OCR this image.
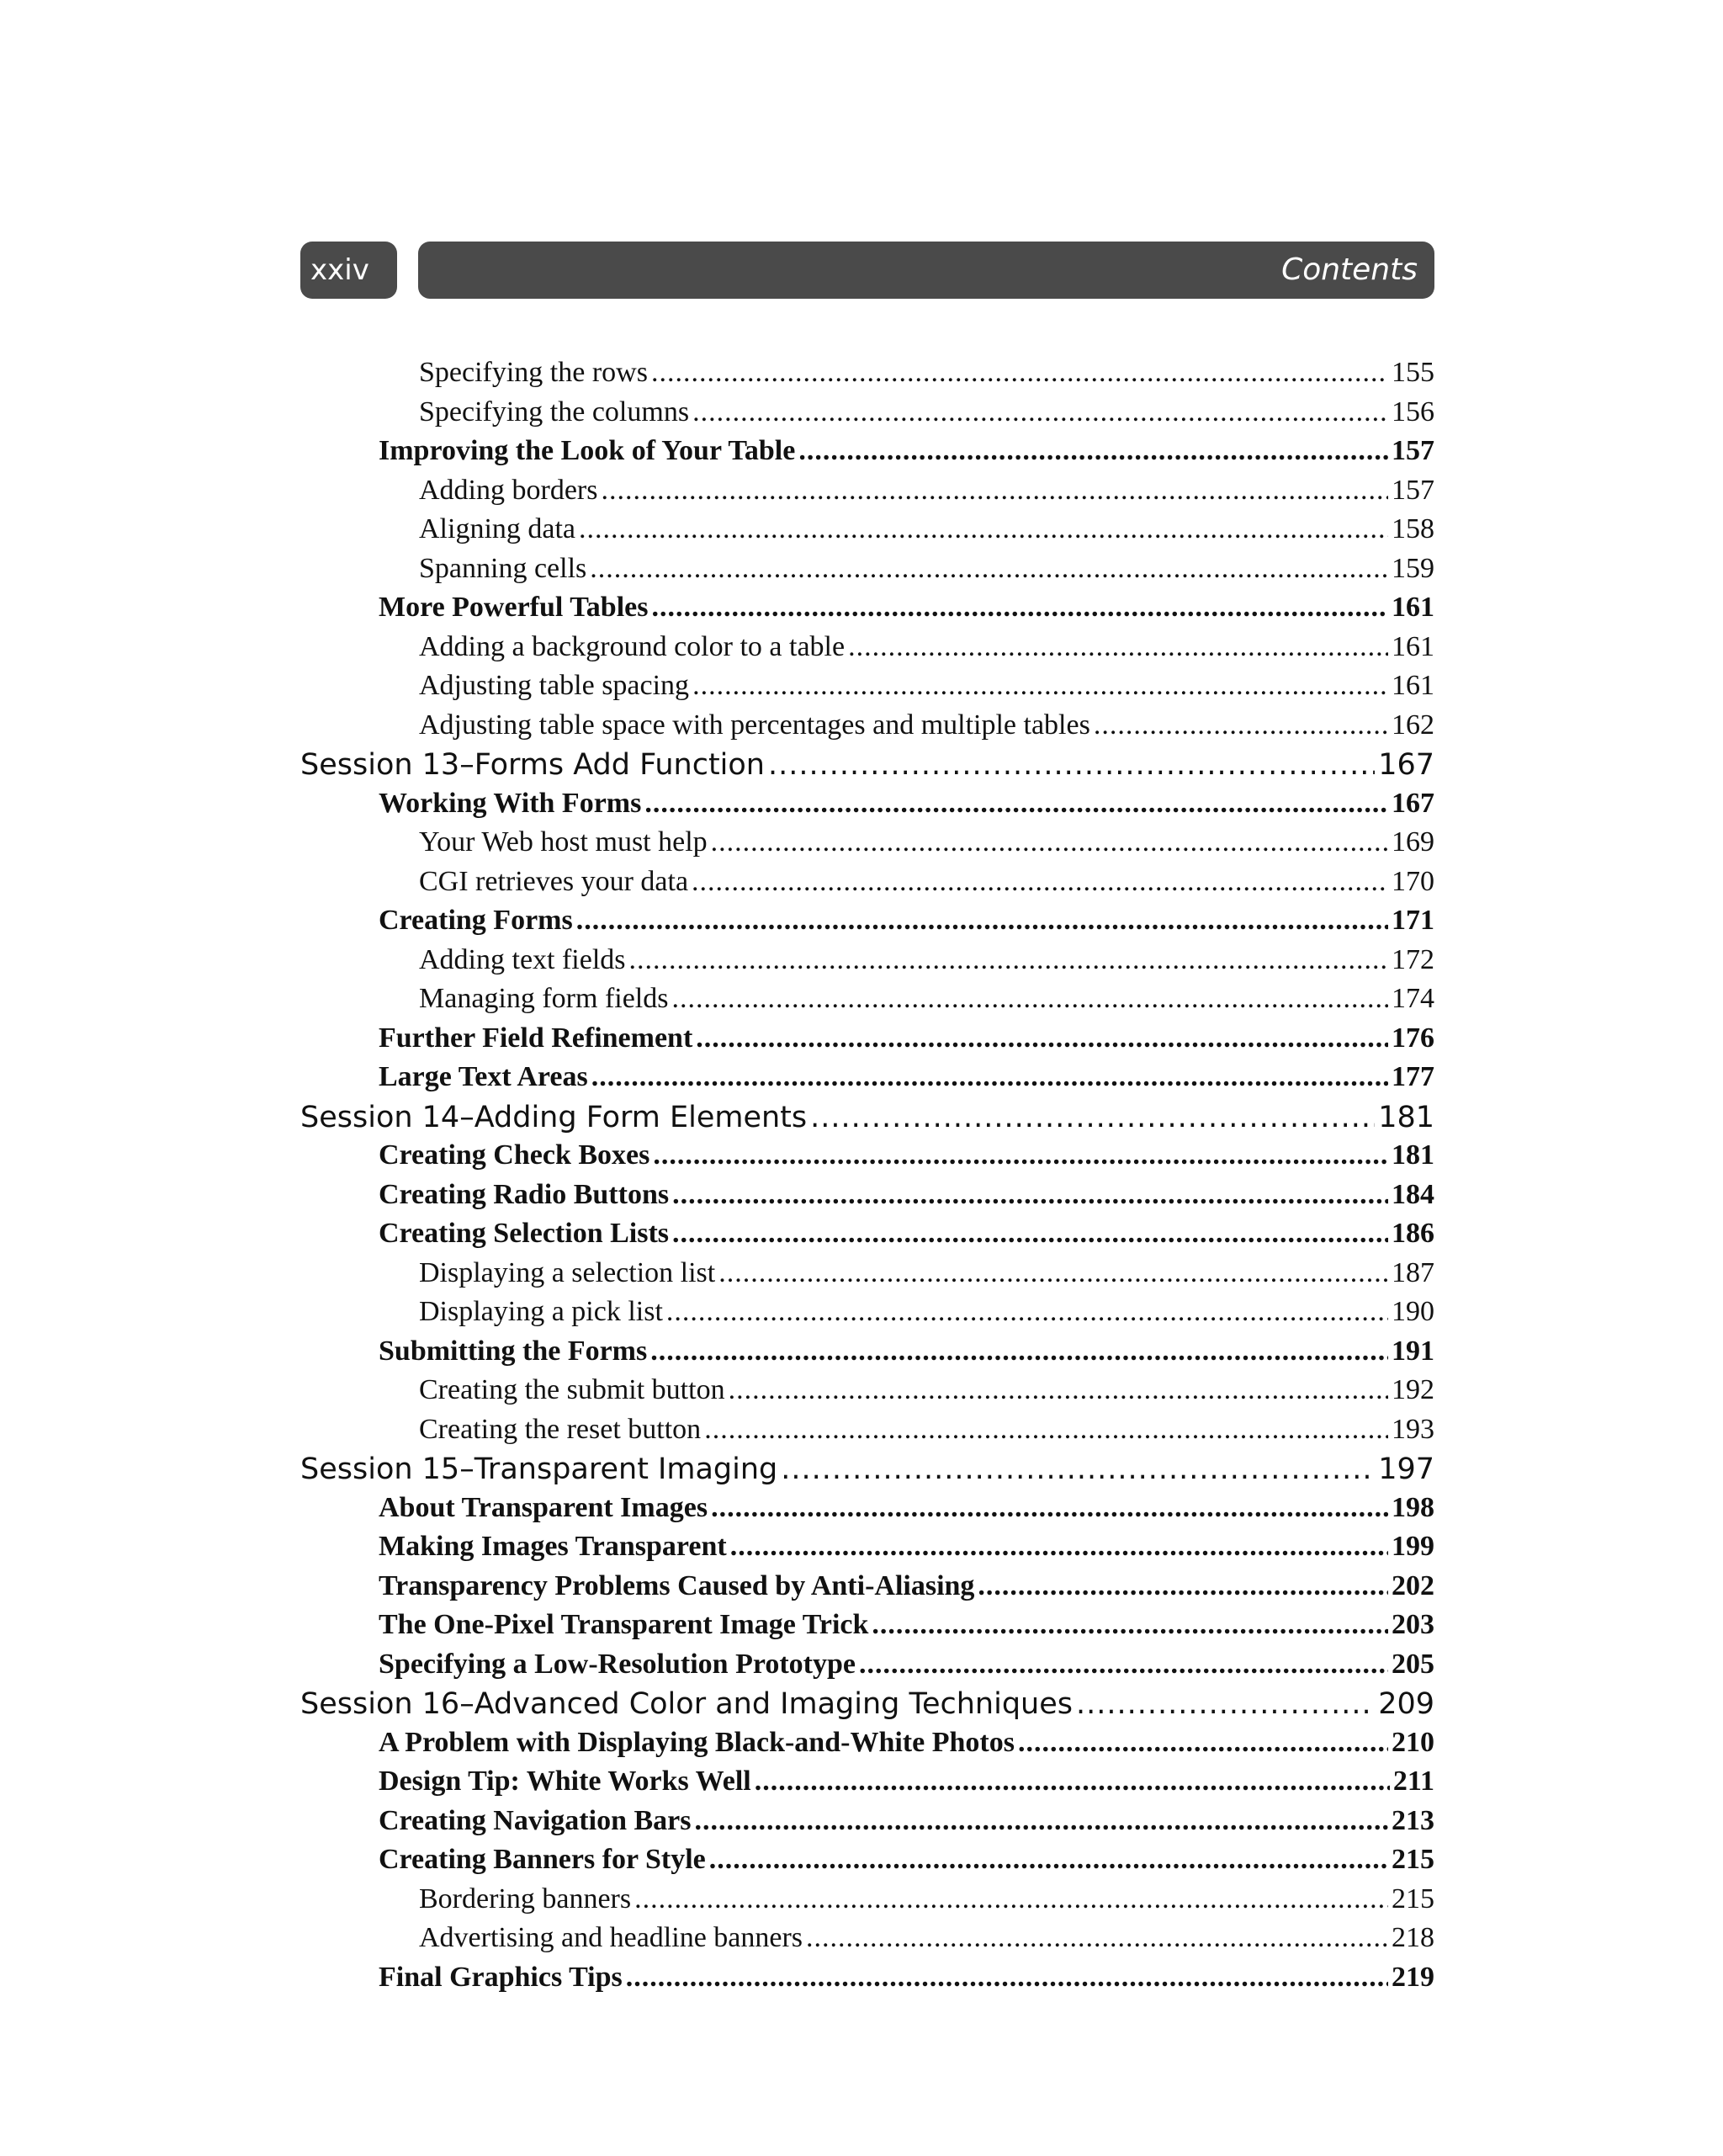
xxiv	Contents
Specifying the rows .....	155
Specifying the columns .....	156
Improving the Look of Your Table .....	157
Adding borders .....	157
Aligning data .....	158
Spanning cells .....	159
More Powerful Tables .....	161
Adding a background color to a table .....	161
Adjusting table spacing .....	161
Adjusting table space with percentages and multiple tables .....	162
Session 13–Forms Add Function .....	167
Working With Forms .....	167
Your Web host must help .....	169
CGI retrieves your data .....	170
Creating Forms .....	171
Adding text fields .....	172
Managing form fields .....	174
Further Field Refinement .....	176
Large Text Areas .....	177
Session 14–Adding Form Elements .....	181
Creating Check Boxes .....	181
Creating Radio Buttons .....	184
Creating Selection Lists .....	186
Displaying a selection list .....	187
Displaying a pick list .....	190
Submitting the Forms .....	191
Creating the submit button .....	192
Creating the reset button .....	193
Session 15–Transparent Imaging .....	197
About Transparent Images .....	198
Making Images Transparent .....	199
Transparency Problems Caused by Anti-Aliasing .....	202
The One-Pixel Transparent Image Trick .....	203
Specifying a Low-Resolution Prototype .....	205
Session 16–Advanced Color and Imaging Techniques .....	209
A Problem with Displaying Black-and-White Photos .....	210
Design Tip: White Works Well .....	211
Creating Navigation Bars .....	213
Creating Banners for Style .....	215
Bordering banners .....	215
Advertising and headline banners .....	218
Final Graphics Tips .....	219
